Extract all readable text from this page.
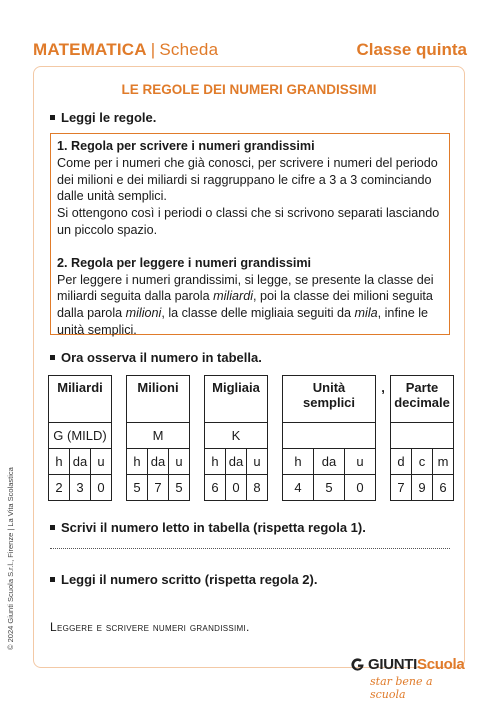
MATEMATICA | Scheda	Classe quinta
LE REGOLE DEI NUMERI GRANDISSIMI
Leggi le regole.

1. Regola per scrivere i numeri grandissimi

Come per i numeri che già conosci, per scrivere i numeri del periodo dei milioni e dei miliardi si raggruppano le cifre a 3 a 3 cominciando dalle unità semplici.

Si ottengono così i periodi o classi che si scrivono separati lasciando un piccolo spazio.

2. Regola per leggere i numeri grandissimi

Per leggere i numeri grandissimi, si legge, se presente la classe dei miliardi seguita dalla parola miliardi, poi la classe dei milioni seguita dalla parola milioni, la classe delle migliaia seguiti da mila, infine le unità semplici.

Ora osserva il numero in tabella.
Miliardi				Milioni				Migliaia				Unità semplici			,	Parte decimale		
G (MILD)				M				K										
h	da	u		h	da	u		h	da	u		h	da	u		d	c	m
2	3	0		5	7	5		6	0	8		4	5	0		7	9	6
Scrivi il numero letto in tabella (rispetta regola 1).
Leggi il numero scritto (rispetta regola 2).
Leggere e scrivere numeri grandissimi.
© 2024 Giunti Scuola S.r.l., Firenze | La Vita Scolastica
GIUNTIScuola
star bene a scuola
